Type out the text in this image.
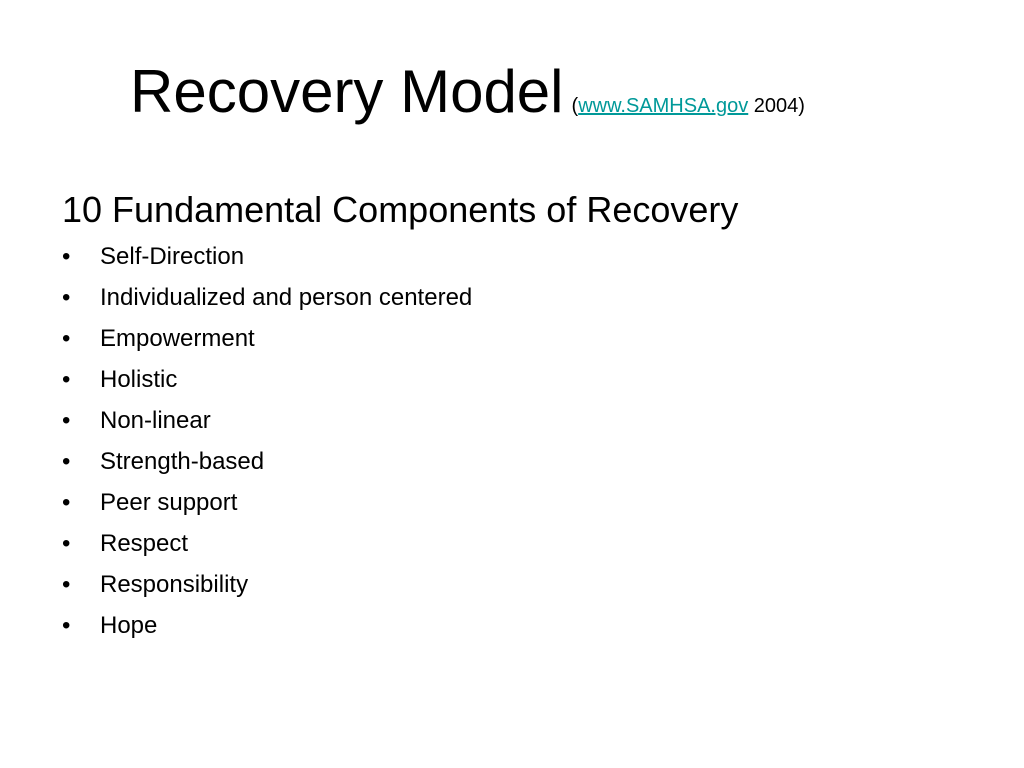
Recovery Model (www.SAMHSA.gov 2004)
10 Fundamental Components of Recovery
• Self-Direction
• Individualized and person centered
• Empowerment
• Holistic
• Non-linear
• Strength-based
• Peer support
• Respect
• Responsibility
• Hope
